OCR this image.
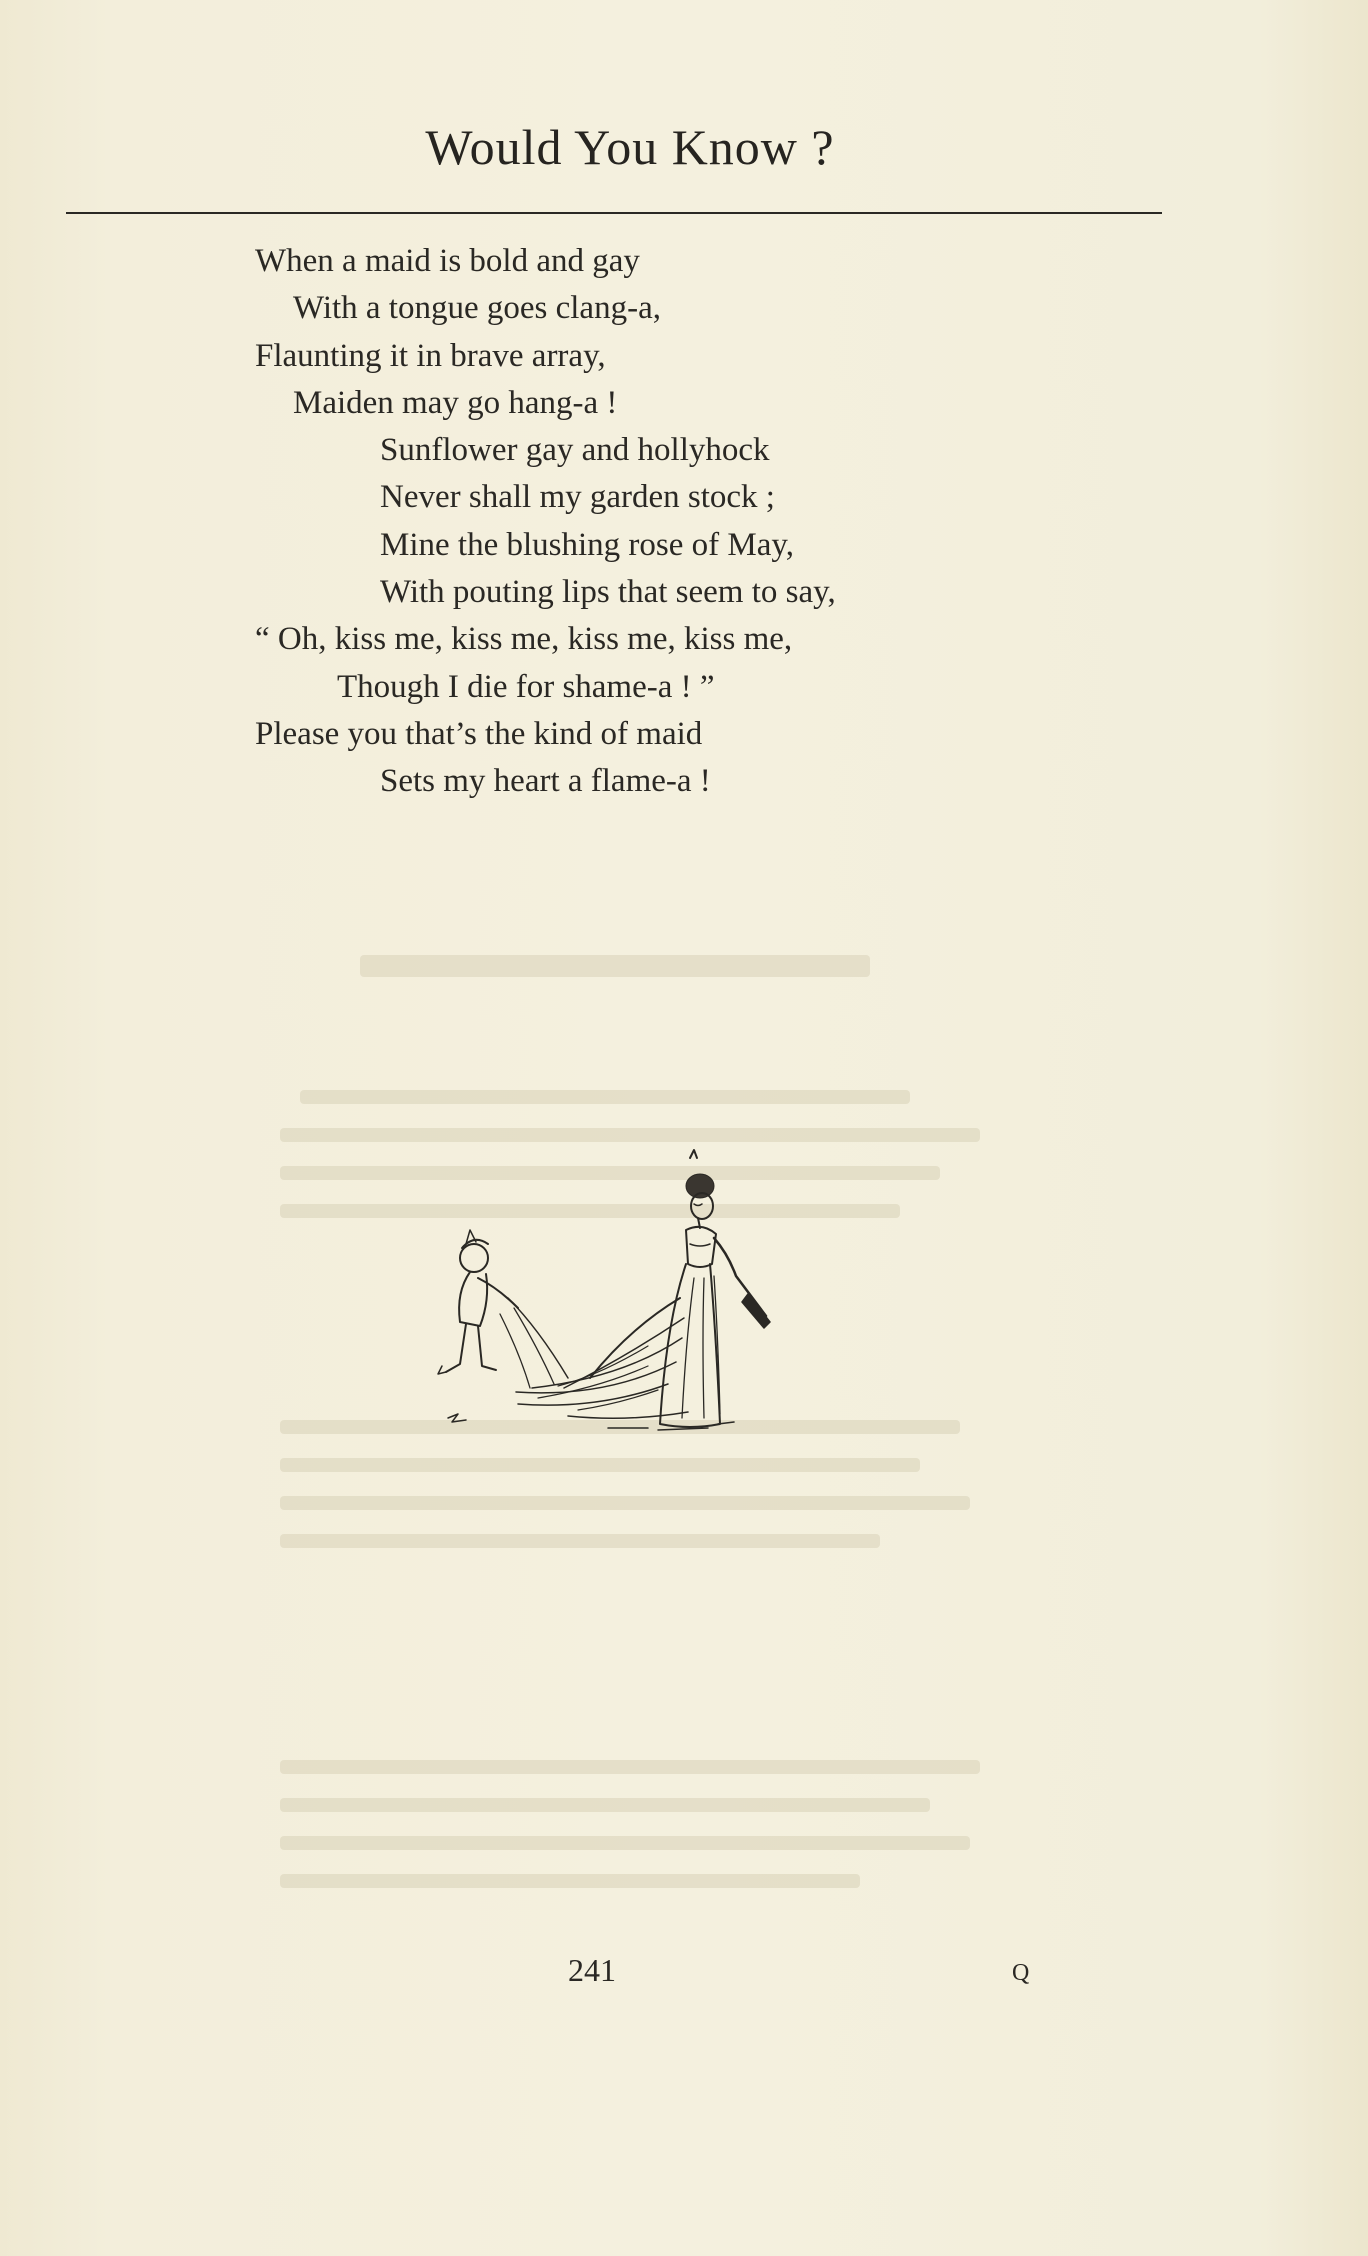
Would You Know ?
When a maid is bold and gay
With a tongue goes clang-a,
Flaunting it in brave array,
Maiden may go hang-a !
Sunflower gay and hollyhock
Never shall my garden stock ;
Mine the blushing rose of May,
With pouting lips that seem to say,
“ Oh, kiss me, kiss me, kiss me, kiss me,
Though I die for shame-a ! ”
Please you that’s the kind of maid
Sets my heart a flame-a !
241	Q
